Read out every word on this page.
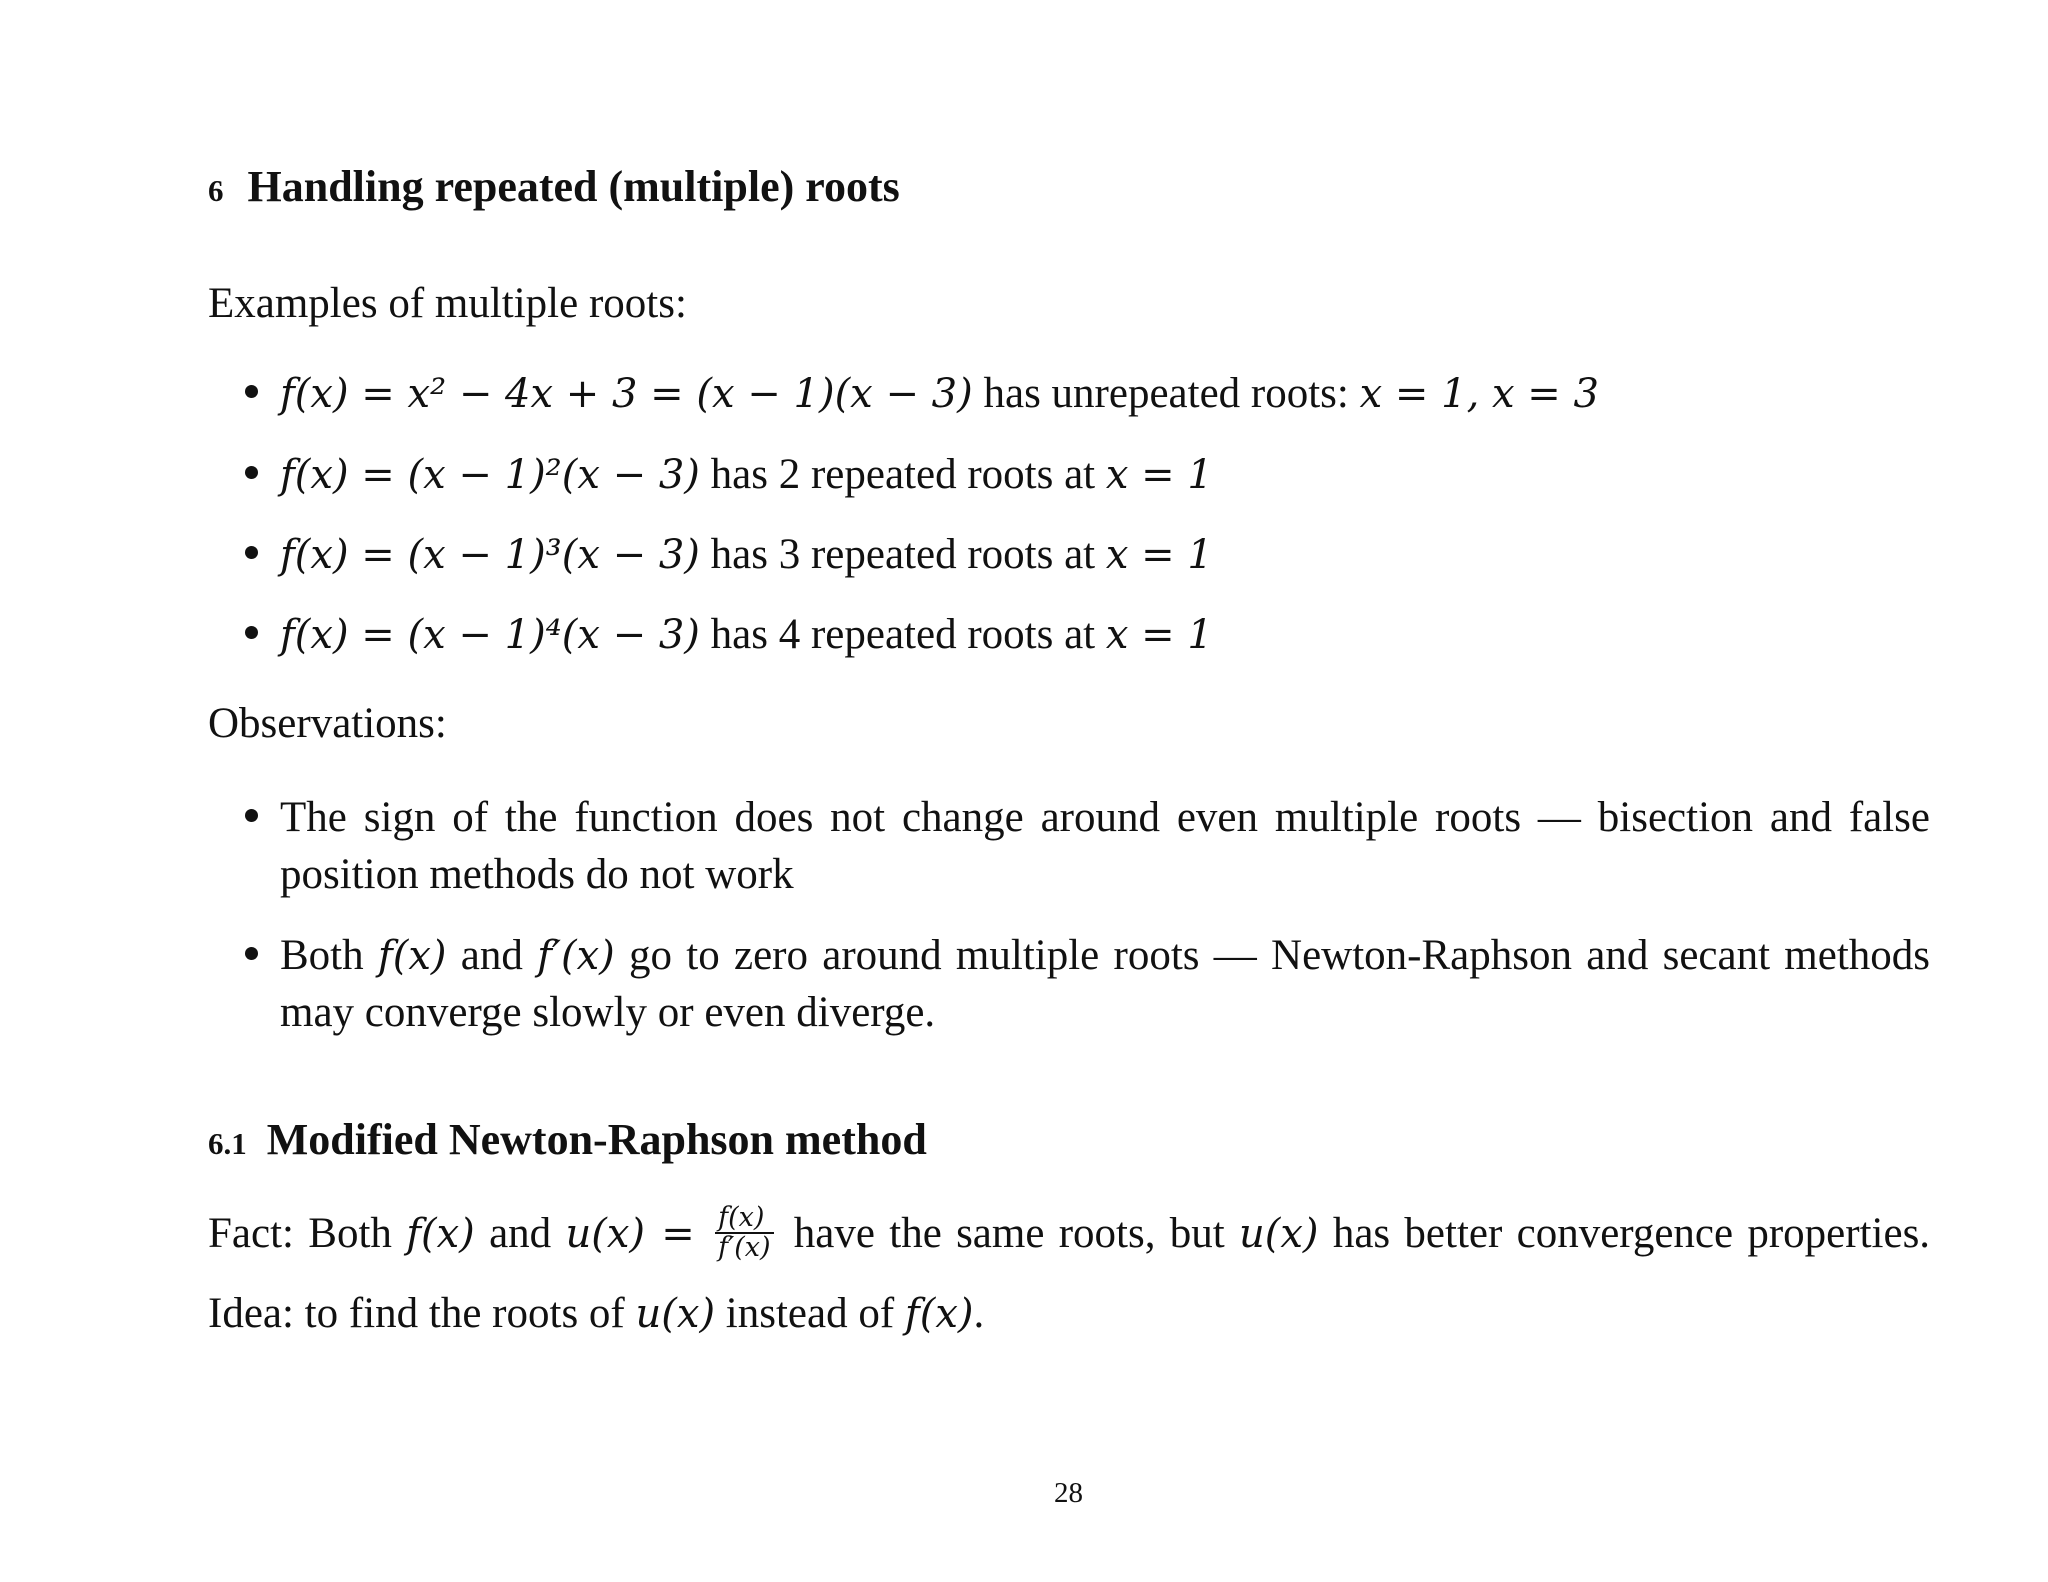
6 Handling repeated (multiple) roots
Examples of multiple roots:
f(x) = x² − 4x + 3 = (x − 1)(x − 3) has unrepeated roots: x = 1, x = 3
f(x) = (x − 1)²(x − 3) has 2 repeated roots at x = 1
f(x) = (x − 1)³(x − 3) has 3 repeated roots at x = 1
f(x) = (x − 1)⁴(x − 3) has 4 repeated roots at x = 1
Observations:
The sign of the function does not change around even multiple roots — bisection and false
position methods do not work
Both f(x) and f′(x) go to zero around multiple roots — Newton-Raphson and secant methods
may converge slowly or even diverge.
6.1 Modified Newton-Raphson method
Fact: Both f(x) and $u(x) = \frac{f(x)}{f'(x)}$ have the same roots, but u(x) has better convergence properties.
Idea: to find the roots of u(x) instead of f(x).
28
